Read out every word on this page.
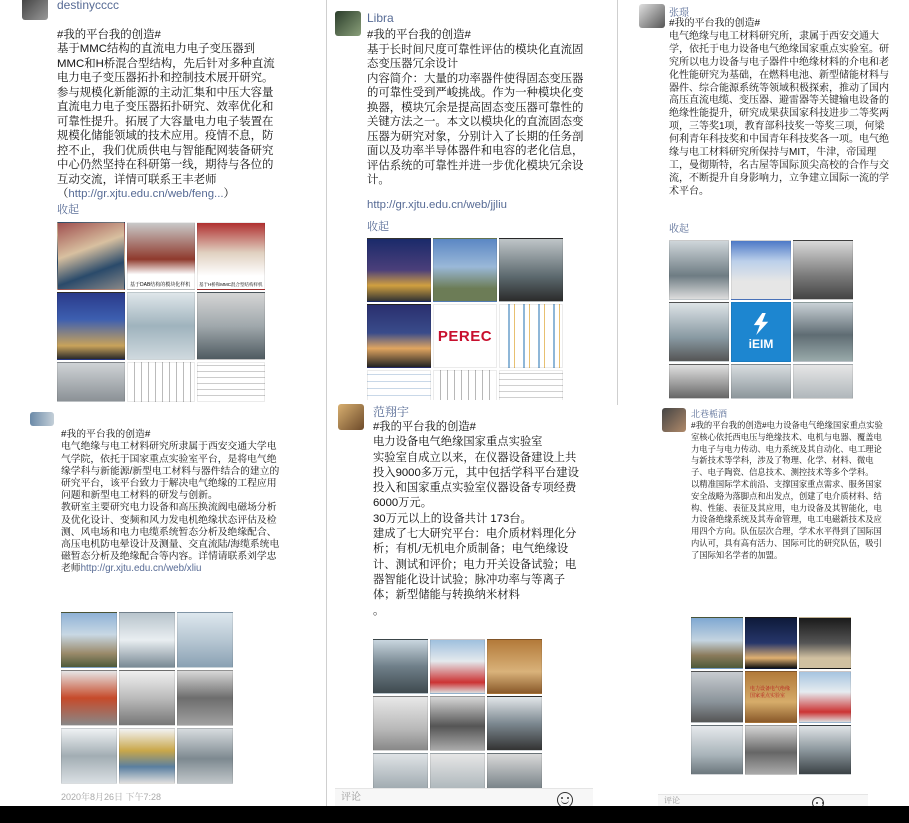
destinycccc

#我的平台我的创造#
基于MMC结构的直流电力电子变压器到MMC和H桥混合型结构，先后针对多种直流电力电子变压器拓扑和控制技术展开研究。参与规模化新能源的主动汇集和中压大容量直流电力电子变压器拓扑研究、效率优化和可靠性提升。拓展了大容量电力电子装置在规模化储能领域的技术应用。疫情不息，防控不止，我们优质供电与智能配网装备研究中心仍然坚持在科研第一线，期待与各位的互动交流，详情可联系王丰老师（http://gr.xjtu.edu.cn/web/feng...）

收起
基于DAB结构的模块化样机 基于H桥和MMC混合型结构样机
Libra
#我的平台我的创造#
基于长时间尺度可靠性评估的模块化直流固态变压器冗余设计
内容简介：大量的功率器件使得固态变压器的可靠性受到严峻挑战。作为一种模块化变换器，模块冗余是提高固态变压器可靠性的关键方法之一。本文以模块化的直流固态变压器为研究对象，分别计入了长期的任务剖面以及功率半导体器件和电容的老化信息，评估系统的可靠性并进一步优化模块冗余设计。
http://gr.xjtu.edu.cn/web/jjliu
收起
PEREC
张璟
#我的平台我的创造#
电气绝缘与电工材料研究所，隶属于西安交通大学，依托于电力设备电气绝缘国家重点实验室。研究所以电力设备与电子器件中绝缘材料的介电和老化性能研究为基础，在燃料电池、新型储能材料与器件、综合能源系统等领域积极探索，推动了国内高压直流电缆、变压器、避雷器等关键输电设备的绝缘性能提升，研究成果获国家科技进步二等奖两项，三等奖1项，教育部科技奖一等奖三项，何梁何利青年科技奖和中国青年科技奖各一项。电气绝缘与电工材料研究所保持与MIT，牛津，帝国理工，曼彻斯特，名古屋等国际顶尖高校的合作与交流，不断提升自身影响力，立争建立国际一流的学术平台。
收起
iEIM

#我的平台我的创造#
电气绝缘与电工材料研究所隶属于西安交通大学电气学院，依托于国家重点实验室平台，是将电气绝缘学科与新能源/新型电工材料与器件结合的建立的研究平台，该平台致力于解决电气绝缘的工程应用问题和新型电工材料的研发与创新。
教研室主要研究电力设备和高压换流阀电磁场分析及优化设计、变频和风力发电机绝缘状态评估及检测、风电场和电力电缆系统暂态分析及绝缘配合、高压电机防电晕设计及测量、交直流陆/海缆系统电磁暂态分析及绝缘配合等内容。详情请联系刘学忠老师http://gr.xjtu.edu.cn/web/xliu

2020年8月26日 下午7:28
范翔宇
#我的平台我的创造#
电力设备电气绝缘国家重点实验室
实验室自成立以来，在仪器设备建设上共投入9000多万元，其中包括学科平台建设投入和国家重点实验室仪器设备专项经费6000万元。
30万元以上的设备共计 173台。
建成了七大研究平台：电介质材料理化分析；有机/无机电介质制备；电气绝缘设计、测试和评价；电力开关设备试验；电器智能化设计试验；脉冲功率与等离子体；新型储能与转换纳米材料
。
评论
北巷栀酒
#我的平台我的创造#电力设备电气绝缘国家重点实验室核心依托西电压与绝缘技术、电机与电器、覆盖电力电子与电力传动、电力系统及其自动化、电工理论与新技术等学科，涉及了物理、化学、材料、微电子、电子陶瓷、信息技术、测控技术等多个学科。
以精准国际学术前沿、支撑国家重点需求、服务国家安全战略为落脚点和出发点，创建了电介质材料、结构、性能、表征及其应用，电力设备及其智能化，电力设备绝缘系统及其寿命管理，电工电磁新技术及应用四个方向。队伍层次合理，学术水平得到了国际国内认可，具有高有活力、国际可比的研究队伍，吸引了国际知名学者的加盟。
电力设备电气绝缘国家重点实验室
评论
